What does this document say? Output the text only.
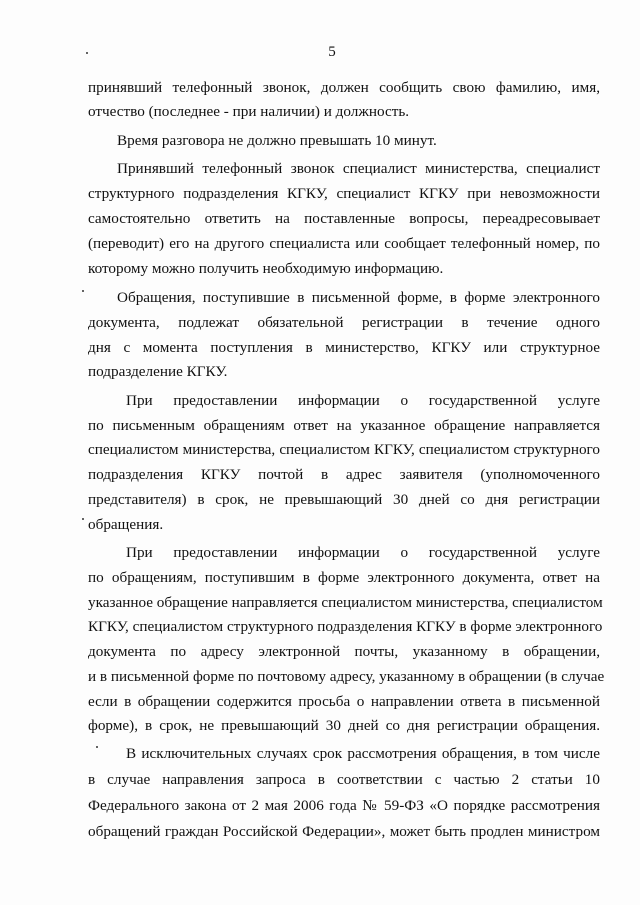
5
принявший телефонный звонок, должен сообщить свою фамилию, имя,
отчество (последнее - при наличии) и должность.
Время разговора не должно превышать 10 минут.
Принявший телефонный звонок специалист министерства, специалист
структурного подразделения КГКУ, специалист КГКУ при невозможности
самостоятельно ответить на поставленные вопросы, переадресовывает
(переводит) его на другого специалиста или сообщает телефонный номер, по
которому можно получить необходимую информацию.
Обращения, поступившие в письменной форме, в форме электронного
документа, подлежат обязательной регистрации в течение одного
дня с момента поступления в министерство, КГКУ или структурное
подразделение КГКУ.
При предоставлении информации о государственной услуге
по письменным обращениям ответ на указанное обращение направляется
специалистом министерства, специалистом КГКУ, специалистом структурного
подразделения КГКУ почтой в адрес заявителя (уполномоченного
представителя) в срок, не превышающий 30 дней со дня регистрации
обращения.
При предоставлении информации о государственной услуге
по обращениям, поступившим в форме электронного документа, ответ на
указанное обращение направляется специалистом министерства, специалистом
КГКУ, специалистом структурного подразделения КГКУ в форме электронного
документа по адресу электронной почты, указанному в обращении,
и в письменной форме по почтовому адресу, указанному в обращении (в случае
если в обращении содержится просьба о направлении ответа в письменной
форме), в срок, не превышающий 30 дней со дня регистрации обращения.
В исключительных случаях срок рассмотрения обращения, в том числе
в случае направления запроса в соответствии с частью 2 статьи 10
Федерального закона от 2 мая 2006 года № 59-ФЗ «О порядке рассмотрения
обращений граждан Российской Федерации», может быть продлен министром
